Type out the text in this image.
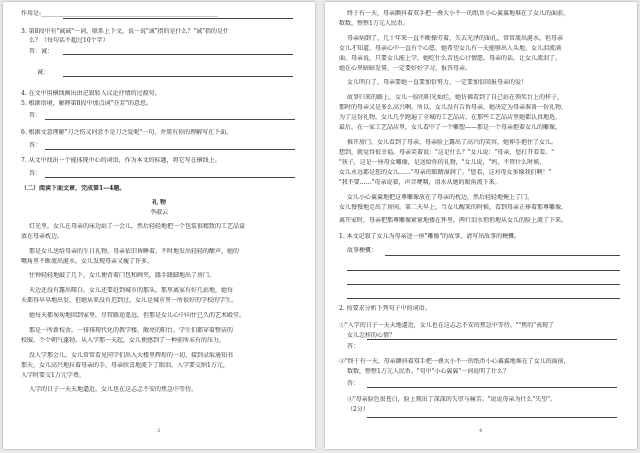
作用是:___________________________________________________________
3. 第8段中有"诚诚"一词，联系上下文，说一说"诚"指的是什么？"诚"指的是什
么？（每句话不超过10个字）
答：诚：
诚：
4. 在文中用横线画出由记叙转入议论抒情的过渡句。
5. 根据语境，解释第8段中加点词"芬芳"的意思。
答：
6. 根据文意理解"刀之伤又何尝不是刀之爱呢"一句，并简有你的理解写在下面。
答：
7. 从文中找出一个能体现中心的词语，作为本文的标题，将它写在横线上。
答：
（二）阅读下面文章，完成第1—4题。
礼 物
李淑云
灯光里，女儿在母亲的床边站了一会儿，然后轻轻地把一个包装很精致的工艺品盒
放在母亲枕边。
那是女儿送给母亲的生日礼物。母亲依旧昏睡着，不时地发出轻轻的酣声，她的
嘴角里不断流出涎水。女儿发现母亲又瘦了许多。
往钟轻轻地敲了几下，女儿便背着门包和画夹，蹑手蹑脚地出了房门。
天边还没有露出曙白。女儿还要赶到城市的那头，那里离家有好几站地，她每
天都得早早地出发，但她从来没有迟到过。女儿是城市里一所很好的学校的学生。
她每天都匆匆地回到家里，尽管路途遥远，但那是女儿心中向往已久的艺术殿堂。
那是一所新校舍。一排排现代化的教学楼，敞亮的阳台。学生们都穿着整洁的
校服，个个朝气蓬勃。从入学那一天起，女儿便感到了一种前所未有的压力。
没人学那会儿，女儿常常看见同学们出入大楼里辉煌的一切，接到录取通知书
那天，女儿高兴地拉着母亲的手，母亲欣喜地流下了眼泪。入学要交纳1万元，
入学时要交1万元学费。
入学的日子一天天地逼近，女儿也在这忐忑不安的焦急中等待。
3
终于有一天，母亲颤抖着双手把一叠大小不一的纸币小心翼翼地堆在了女儿的面前，
数数，整整1万元人民币。
母亲病倒了，几十年来一直不断操劳着，失去光泽的面孔，常常流出涎水，但母亲
女儿才知道，母亲心中一直有个心愿，她希望女儿有一天能够出人头地，女儿泪流满
面。母亲说，只要女儿能上学，她吃什么苦也心甘情愿。母亲的话，让女儿流泪了。
她在心里暗暗发誓，一定要好好学习，报答母亲。
女儿明白了，母亲要她一直要加倍努力，一定要加倍回报母亲的爱！
故事归来的路上，女儿一脸的阳光灿烂，她仿佛看到了自己站在领奖台上的样子，
那时的母亲又是多么高兴啊。所以，女儿没有告诉母亲，她决定为母亲准备一份礼物，
为了这份礼物，女儿几乎跑遍了全城的工艺品店，在那些工艺品店里她都认真地选，
最后，在一家工艺品店里，女儿看中了一个雕塑——那是一个母亲抱着女儿的雕像，
推开房门，女儿看到了母亲，母亲脸上露出了高兴的笑容，她伸手抱住了女儿。
想到，就觉得很幸福。母亲笑着说："这是什么？"女儿说："母亲，您打开看看。"
"孩子，这是一座母女雕像，是送给你的礼物，"女儿说，"妈，不管什么时候，
女儿永远都是您的女儿……"母亲的眼睛湿润了。"您看，这对母女多像我们啊！"
"我不要……"母亲说着，声音哽咽，泪水从她的眼角流下来。
女儿小心翼翼地把这尊雕像放在了母亲的枕边，然后轻轻地掩上了门。
女儿慢慢地走出了房间。第二天早上，当女儿醒来的时候，看到母亲正捧着那尊雕像，
离开家时，母亲把那尊雕像紧紧地搂在怀里，两行泪水悄悄地从女儿的脸上流了下来。
1. 本文记叙了女儿为母亲送一座"雕像"的故事，请写出故事的梗概。
故事梗概：
2. 按要求分析下列句子中的词语。
①"入学的日子一天天地逼近，女儿也在这忐忑不安的焦急中等待。""焦的"表现了
女儿怎样的心情？
答：
②"终于有一天，母亲颤抖着双手把一叠大小不一的纸币小心翼翼地堆在了女儿的面前，
数数，整整1万元人民币。"句中"小心翼翼"一词说明了什么？
答：
③"母亲脸色很苍白，脸上现出了深深的失望与痛苦。"说说母亲为什么"失望"。
（2分）
4
